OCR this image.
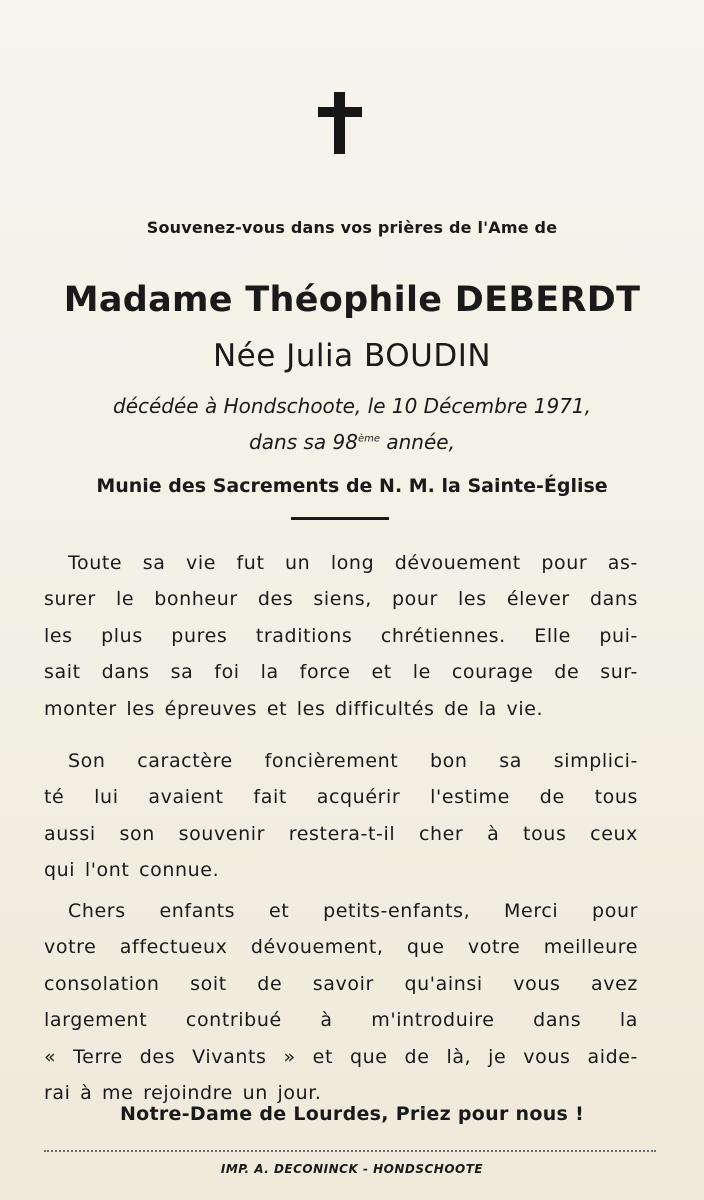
Souvenez-vous dans vos prières de l'Ame de
Madame Théophile DEBERDT
Née Julia BOUDIN
décédée à Hondschoote, le 10 Décembre 1971,
dans sa 98ème année,
Munie des Sacrements de N. M. la Sainte-Église
Toute sa vie fut un long dévouement pour as-
surer le bonheur des siens, pour les élever dans
les plus pures traditions chrétiennes. Elle pui-
sait dans sa foi la force et le courage de sur-
monter les épreuves et les difficultés de la vie.
Son caractère foncièrement bon sa simplici-
té lui avaient fait acquérir l'estime de tous
aussi son souvenir restera-t-il cher à tous ceux
qui l'ont connue.
Chers enfants et petits-enfants, Merci pour
votre affectueux dévouement, que votre meilleure
consolation soit de savoir qu'ainsi vous avez
largement contribué à m'introduire dans la
« Terre des Vivants » et que de là, je vous aide-
rai à me rejoindre un jour.
Notre-Dame de Lourdes, Priez pour nous !
IMP. A. DECONINCK - HONDSCHOOTE
